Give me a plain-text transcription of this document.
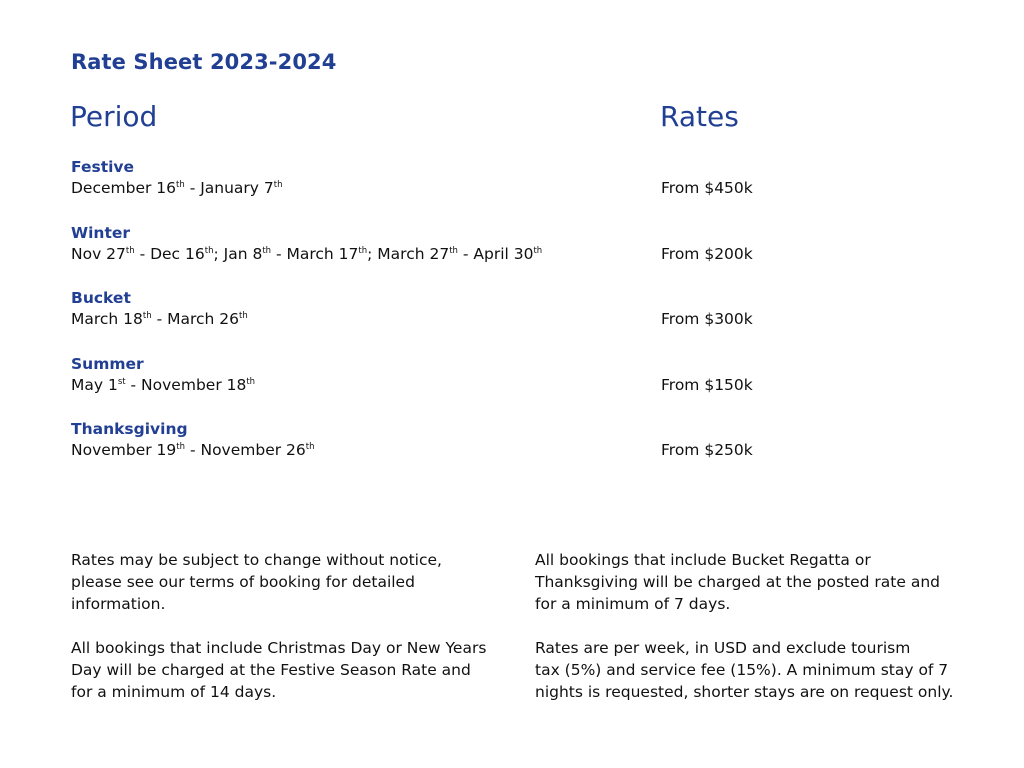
Rate Sheet 2023-2024
Period	Rates
Festive
December 16th - January 7th	From $450k
Winter
Nov 27th - Dec 16th; Jan 8th - March 17th; March 27th - April 30th	From $200k
Bucket
March 18th - March 26th	From $300k
Summer
May 1st - November 18th	From $150k
Thanksgiving
November 19th - November 26th	From $250k

Rates may be subject to change without notice,
please see our terms of booking for detailed
information.

All bookings that include Christmas Day or New Years
Day will be charged at the Festive Season Rate and
for a minimum of 14 days.

All bookings that include Bucket Regatta or
Thanksgiving will be charged at the posted rate and
for a minimum of 7 days.

Rates are per week, in USD and exclude tourism
tax (5%) and service fee (15%). A minimum stay of 7
nights is requested, shorter stays are on request only.
